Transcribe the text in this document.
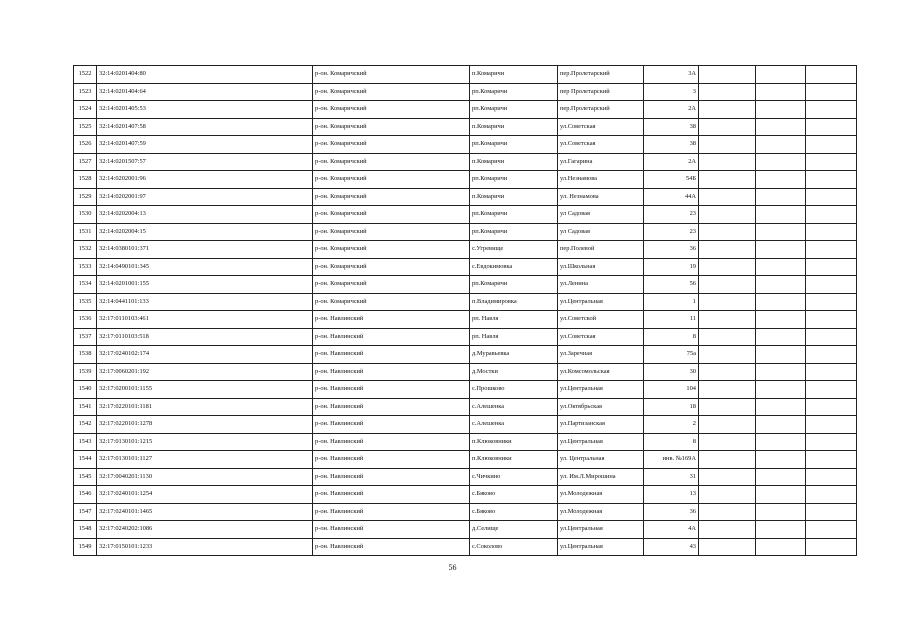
1522	32:14:0201404:80	р-он. Комаричский	п.Комаричи	пер.Пролетарский	3А			
1523	32:14:0201404:64	р-он. Комаричский	рп.Комаричи	пер Пролетарский	3			
1524	32:14:0201405:53	р-он. Комаричский	рп.Комаричи	пер.Пролетарский	2А			
1525	32:14:0201407:58	р-он. Комаричский	п.Комаричи	ул.Советская	38			
1526	32:14:0201407:59	р-он. Комаричский	рп.Комаричи	ул.Советская	38			
1527	32:14:0201507:57	р-он. Комаричский	п.Комаричи	ул.Гагарина	2А			
1528	32:14:0202001:96	р-он. Комаричский	рп.Комаричи	ул.Незнамова	54Б			
1529	32:14:0202001:97	р-он. Комаричский	п.Комаричи	ул. Незнамова	44А			
1530	32:14:0202004:13	р-он. Комаричский	рп.Комаричи	ул Садовая	23			
1531	32:14:0202004:15	р-он. Комаричский	рп.Комаричи	ул Садовая	23			
1532	32:14:0380101:371	р-он. Комаричский	с.Угревище	пер.Полевой	36			
1533	32:14:0490101:345	р-он. Комаричский	с.Евдокимовка	ул.Школьная	19			
1534	32:14:0201001:155	р-он. Комаричский	рп.Комаричи	ул.Ленина	56			
1535	32:14:0441101:133	р-он. Комаричский	п.Владимировка	ул.Центральная	1			
1536	32:17:0110103:461	р-он. Навлинский	рп. Навля	ул.Советской	11			
1537	32:17:0110103:518	р-он. Навлинский	рп. Навля	ул.Советская	8			
1538	32:17:0240102:174	р-он. Навлинский	д.Муравьевка	ул.Заречная	75а			
1539	32:17:0060201:192	р-он. Навлинский	д.Мостки	ул.Комсомольская	30			
1540	32:17:0200101:1155	р-он. Навлинский	с.Прошково	ул.Центральная	104			
1541	32:17:0220101:1181	р-он. Навлинский	с.Алешенка	ул.Октябрьская	18			
1542	32:17:0220101:1278	р-он. Навлинский	с.Алешенка	ул.Партизанская	2			
1543	32:17:0130101:1215	р-он. Навлинский	п.Клюковники	ул.Центральная	8			
1544	32:17:0130101:1127	р-он. Навлинский	п.Клюковники	ул. Центральная	инв. №169А			
1545	32:17:0040201:1130	р-он. Навлинский	с.Чичкино	ул. Им.Л.Мирошина	31			
1546	32:17:0240101:1254	р-он. Навлинский	с.Бяково	ул.Молодежная	13			
1547	32:17:0240101:1465	р-он. Навлинский	с.Бяково	ул.Молодежная	36			
1548	32:17:0240202:1086	р-он. Навлинский	д.Селище	ул.Центральная	4А			
1549	32:17:0150101:1233	р-он. Навлинский	с.Соколово	ул.Центральная	43			
56
